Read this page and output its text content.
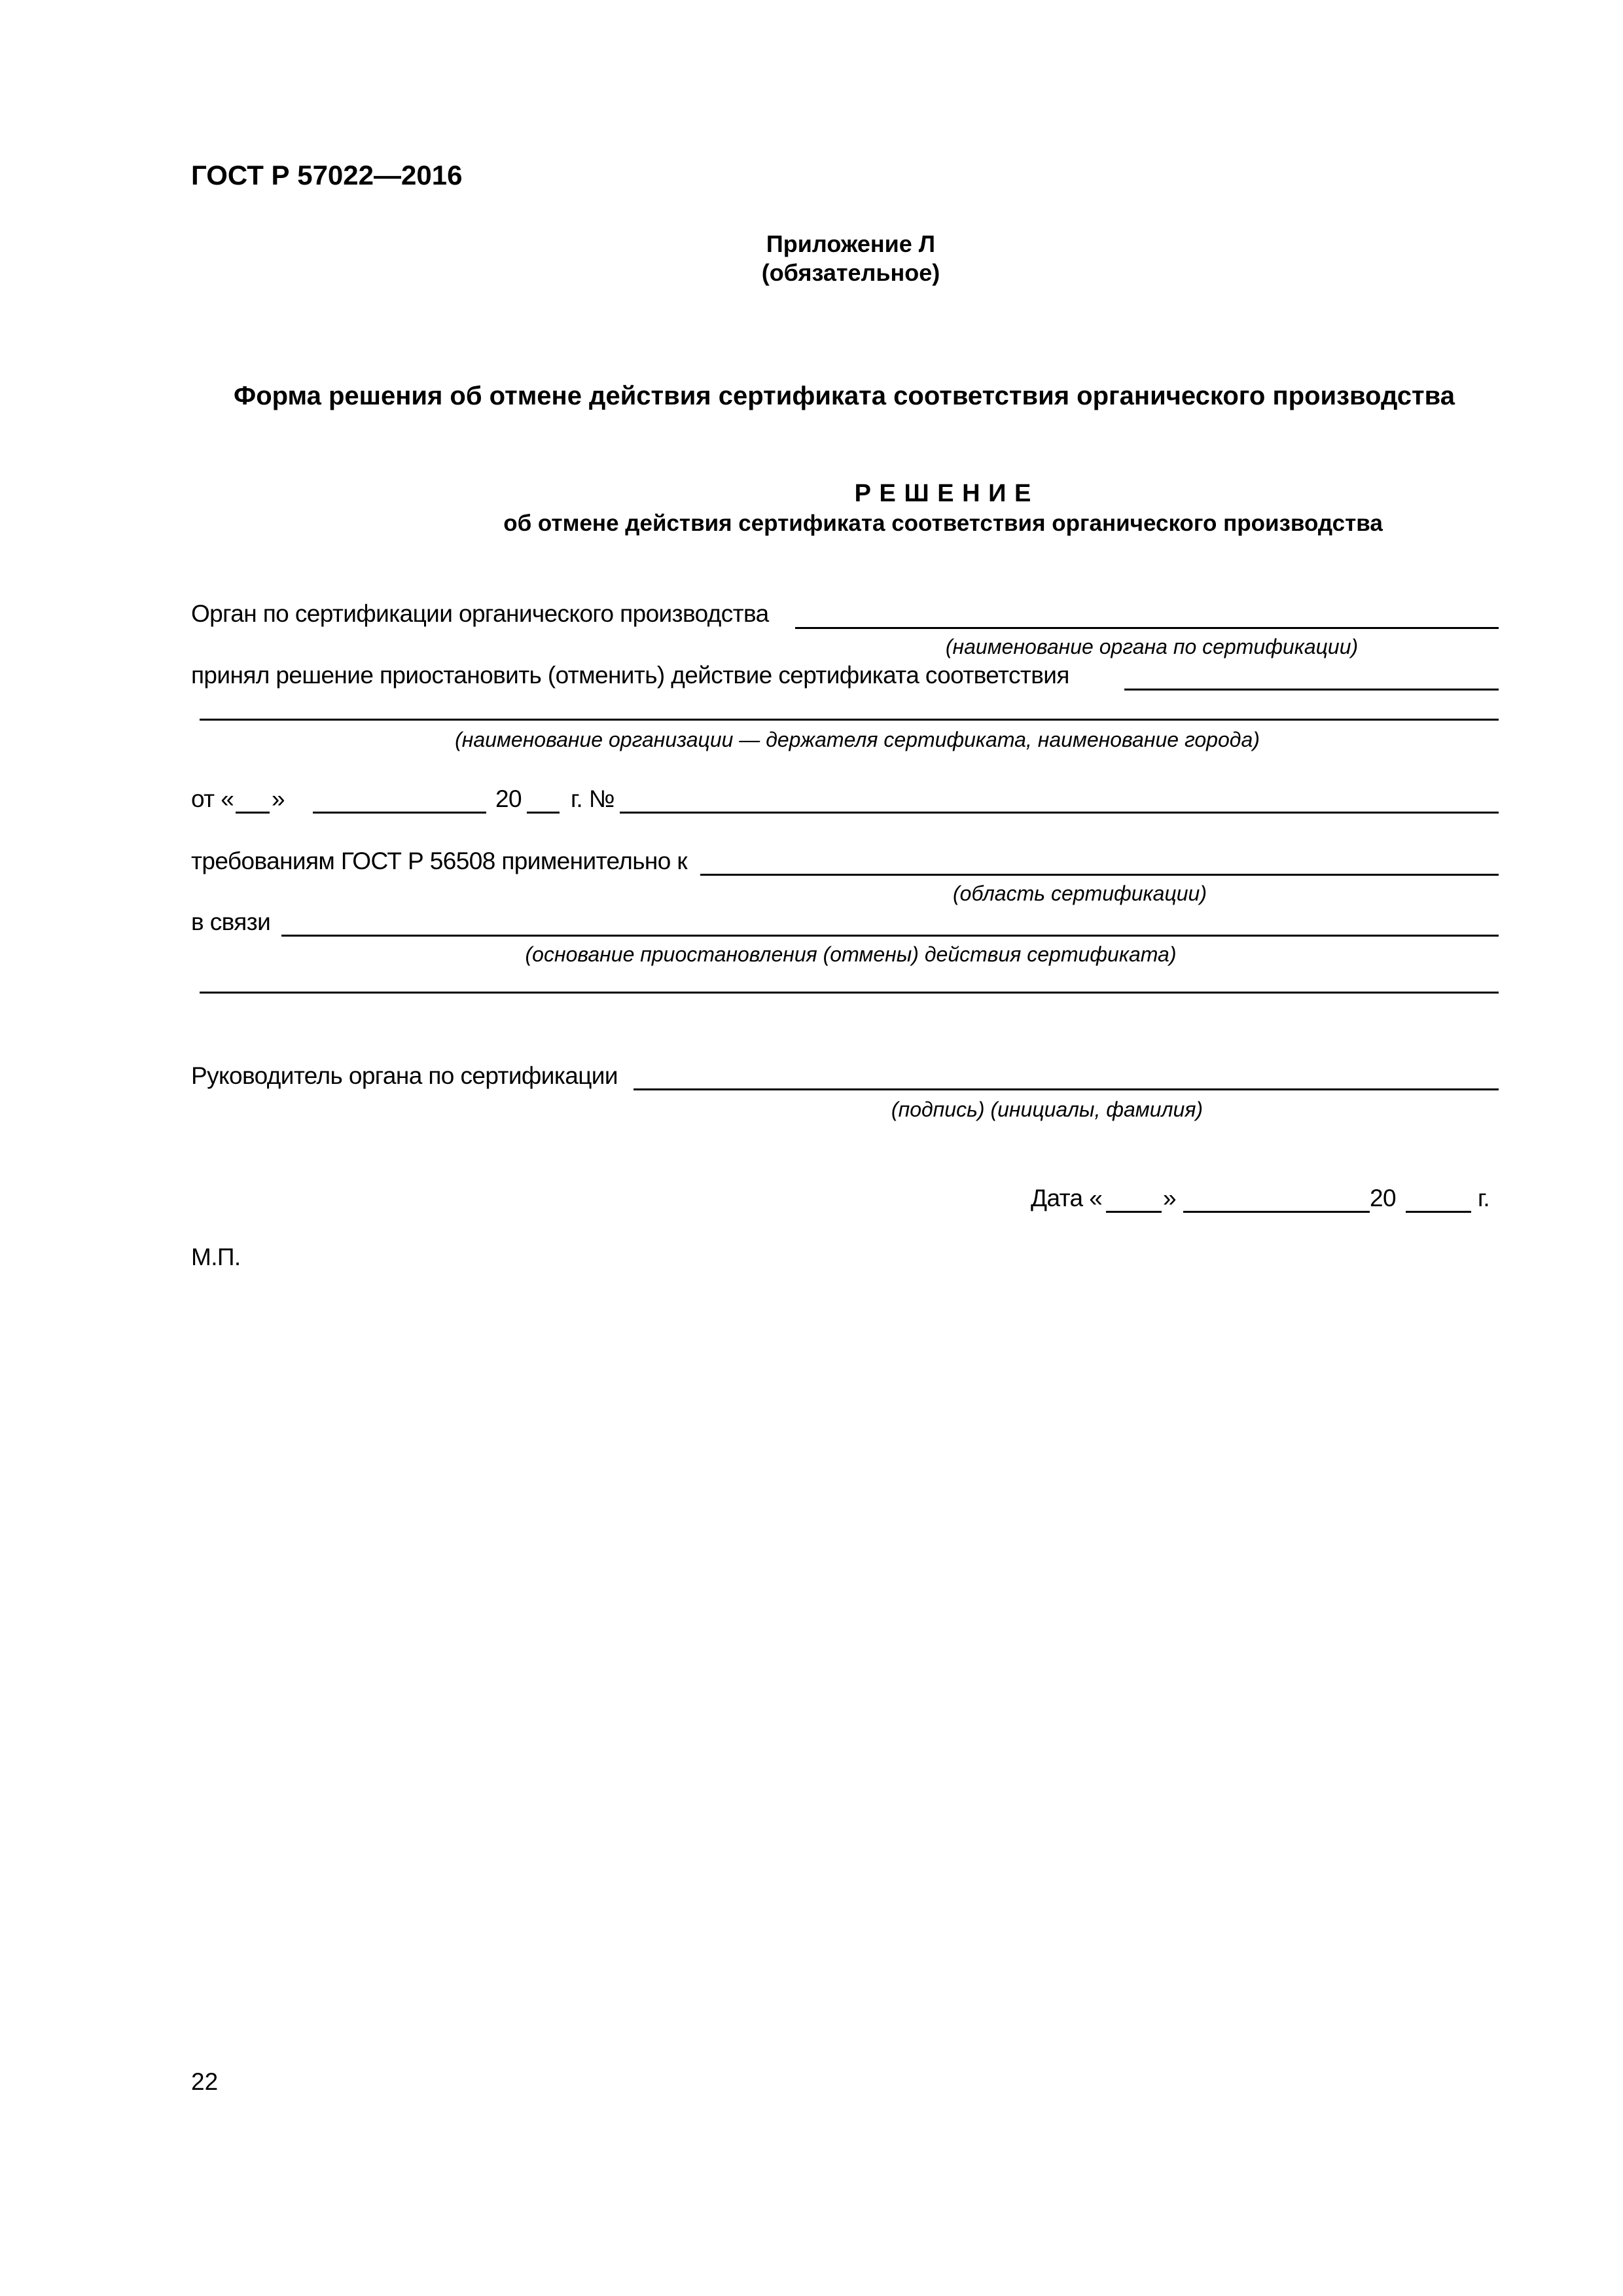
ГОСТ Р 57022—2016
Приложение Л
(обязательное)
Форма решения об отмене действия сертификата соответствия органического производства
Р Е Ш Е Н И Е
об отмене действия сертификата соответствия органического производства
Орган по сертификации органического производства
(наименование органа по сертификации)
принял решение приостановить (отменить) действие сертификата соответствия
(наименование организации — держателя сертификата, наименование города)
от « »	20 г. №
требованиям ГОСТ Р 56508 применительно к
(область сертификации)
в связи
(основание приостановления (отмены) действия сертификата)
Руководитель органа по сертификации
(подпись) (инициалы, фамилия)
Дата «	»	20	г.
М.П.
22
